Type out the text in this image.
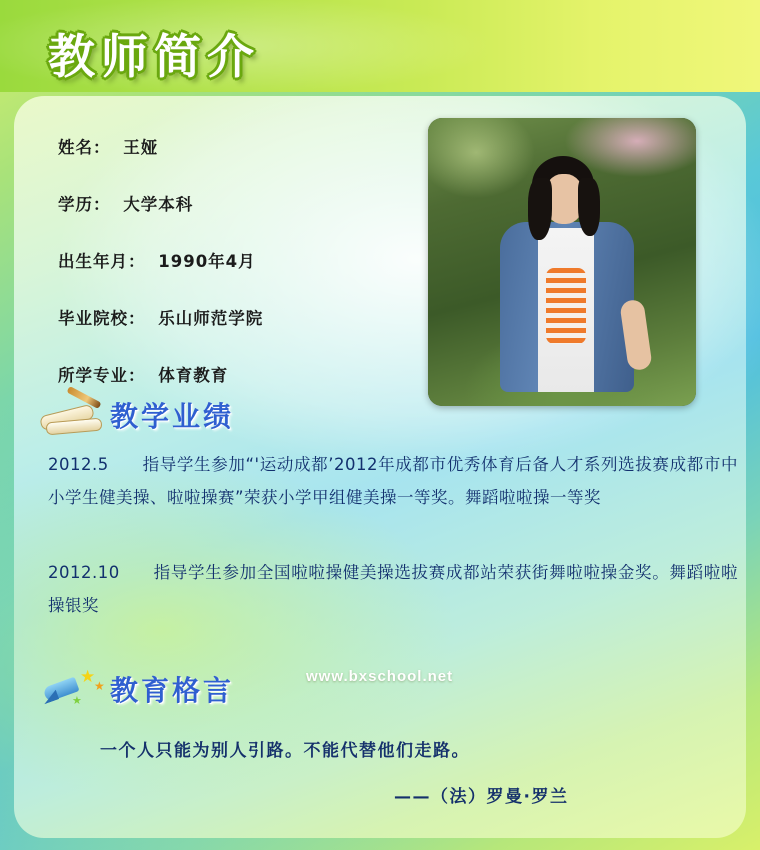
教师简介
姓名： 王娅
学历： 大学本科
出生年月： 1990年4月
毕业院校： 乐山师范学院
所学专业： 体育教育
教学业绩
2012.5 指导学生参加“'运动成都’2012年成都市优秀体育后备人才系列选拔赛成都市中小学生健美操、啦啦操赛”荣获小学甲组健美操一等奖。舞蹈啦啦操一等奖
2012.10 指导学生参加全国啦啦操健美操选拔赛成都站荣获街舞啦啦操金奖。舞蹈啦啦操银奖
www.bxschool.net
★
★
★ 教育格言
一个人只能为别人引路。不能代替他们走路。
——（法）罗曼·罗兰
